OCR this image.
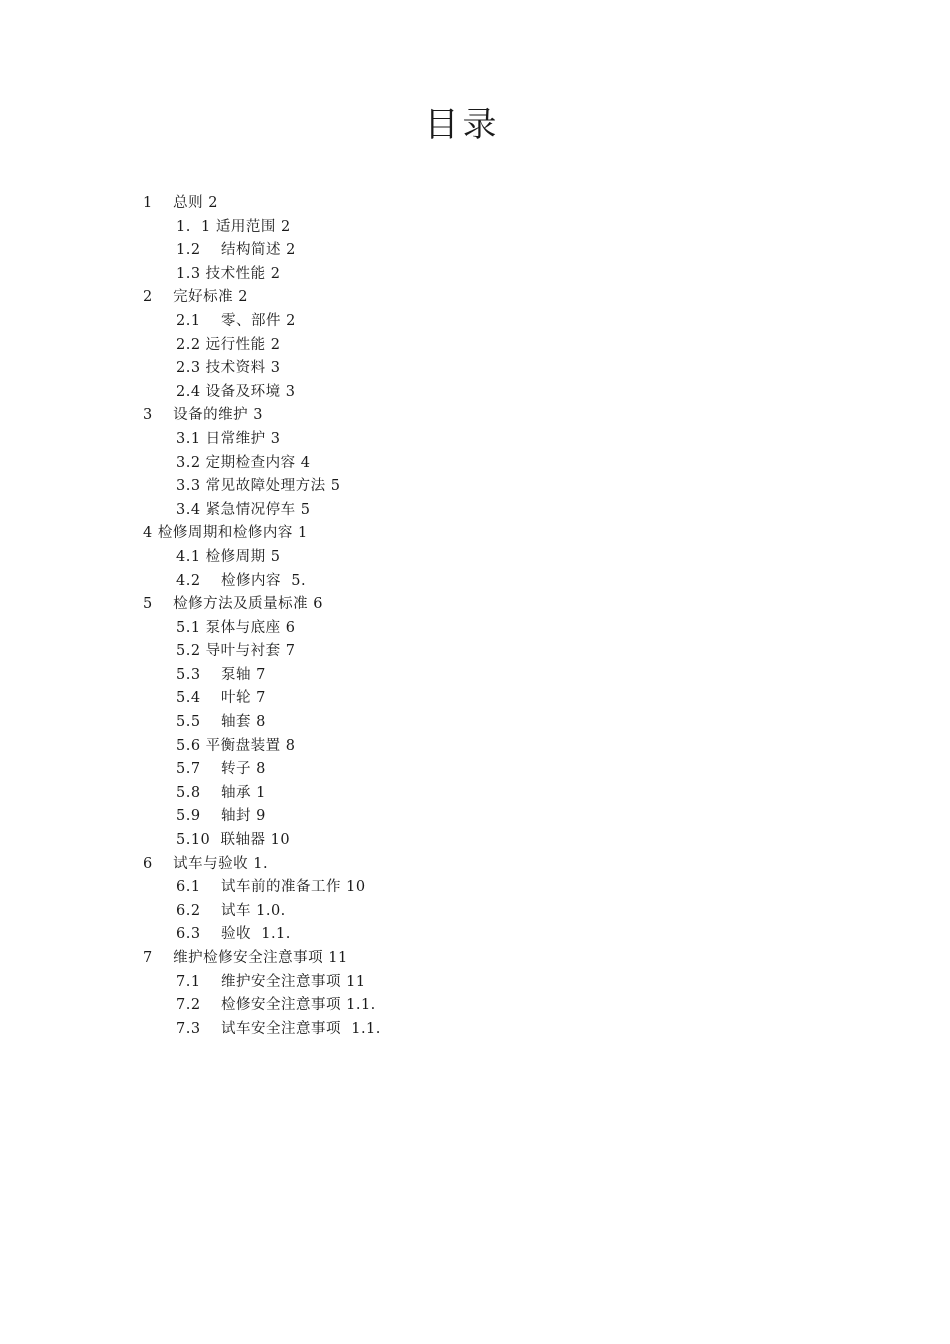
目录
1    总则 2
1.  1 适用范围 2
1.2    结构简述 2
1.3 技术性能 2
2    完好标准 2
2.1    零、部件 2
2.2 远行性能 2
2.3 技术资料 3
2.4 设备及环境 3
3    设备的维护 3
3.1 日常维护 3
3.2 定期检查内容 4
3.3 常见故障处理方法 5
3.4 紧急情况停车 5
4 检修周期和检修内容 1
4.1 检修周期 5
4.2    检修内容  5.
5    检修方法及质量标准 6
5.1 泵体与底座 6
5.2 导叶与衬套 7
5.3    泵轴 7
5.4    叶轮 7
5.5    轴套 8
5.6 平衡盘装置 8
5.7    转子 8
5.8    轴承 1
5.9    轴封 9
5.10  联轴器 10
6    试车与验收 1.
6.1    试车前的准备工作 10
6.2    试车 1.0.
6.3    验收  1.1.
7    维护检修安全注意事项 11
7.1    维护安全注意事项 11
7.2    检修安全注意事项 1.1.
7.3    试车安全注意事项  1.1.
